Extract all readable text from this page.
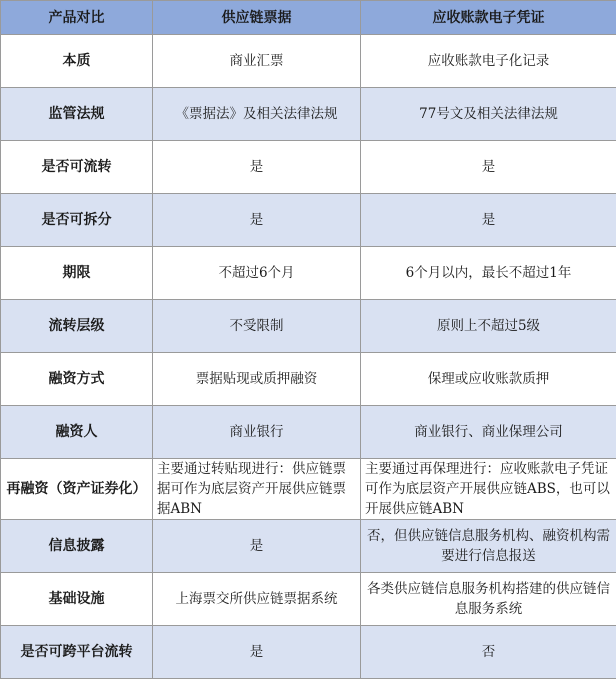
产品对比	供应链票据	应收账款电子凭证
本质	商业汇票	应收账款电子化记录
监管法规	《票据法》及相关法律法规	77号文及相关法律法规
是否可流转	是	是
是否可拆分	是	是
期限	不超过6个月	6个月以内，最长不超过1年
流转层级	不受限制	原则上不超过5级
融资方式	票据贴现或质押融资	保理或应收账款质押
融资人	商业银行	商业银行、商业保理公司
再融资（资产证券化）	主要通过转贴现进行：供应链票据可作为底层资产开展供应链票据ABN	主要通过再保理进行：应收账款电子凭证可作为底层资产开展供应链ABS，也可以开展供应链ABN
信息披露	是	否，但供应链信息服务机构、融资机构需要进行信息报送
基础设施	上海票交所供应链票据系统	各类供应链信息服务机构搭建的供应链信息服务系统
是否可跨平台流转	是	否
